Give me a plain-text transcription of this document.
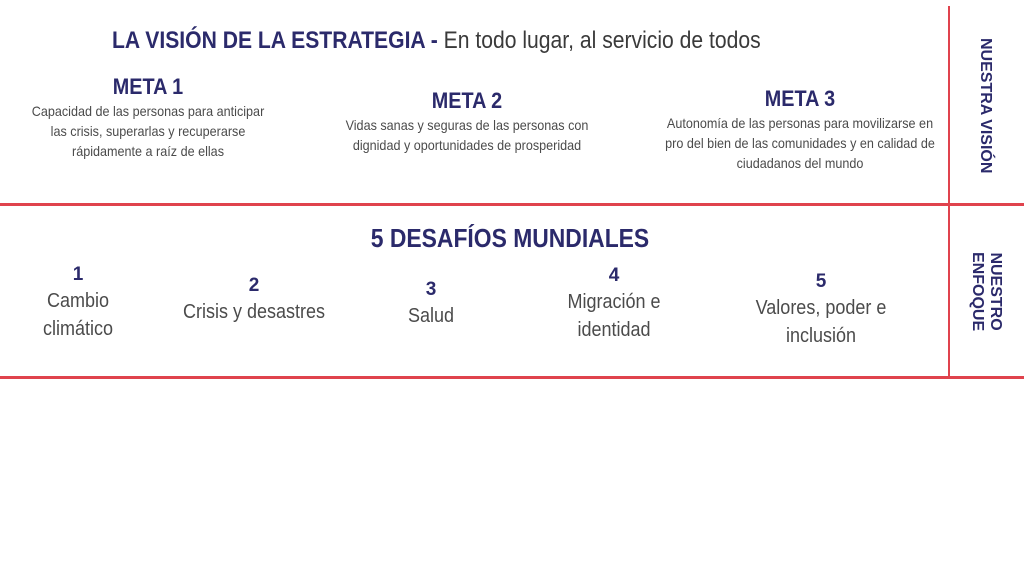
LA VISIÓN DE LA ESTRATEGIA - En todo lugar, al servicio de todos
META 1
Capacidad de las personas para anticipar las crisis, superarlas y recuperarse rápidamente a raíz de ellas
META 2
Vidas sanas y seguras de las personas con dignidad y oportunidades de prosperidad
META 3
Autonomía de las personas para movilizarse en pro del bien de las comunidades y en calidad de ciudadanos del mundo	NUESTRA VISIÓN
NUESTRO
ENFOQUE
5 DESAFÍOS MUNDIALES
1
Cambio climático
2
Crisis y desastres
3
Salud
4
Migración e identidad
5
Valores, poder e inclusión
